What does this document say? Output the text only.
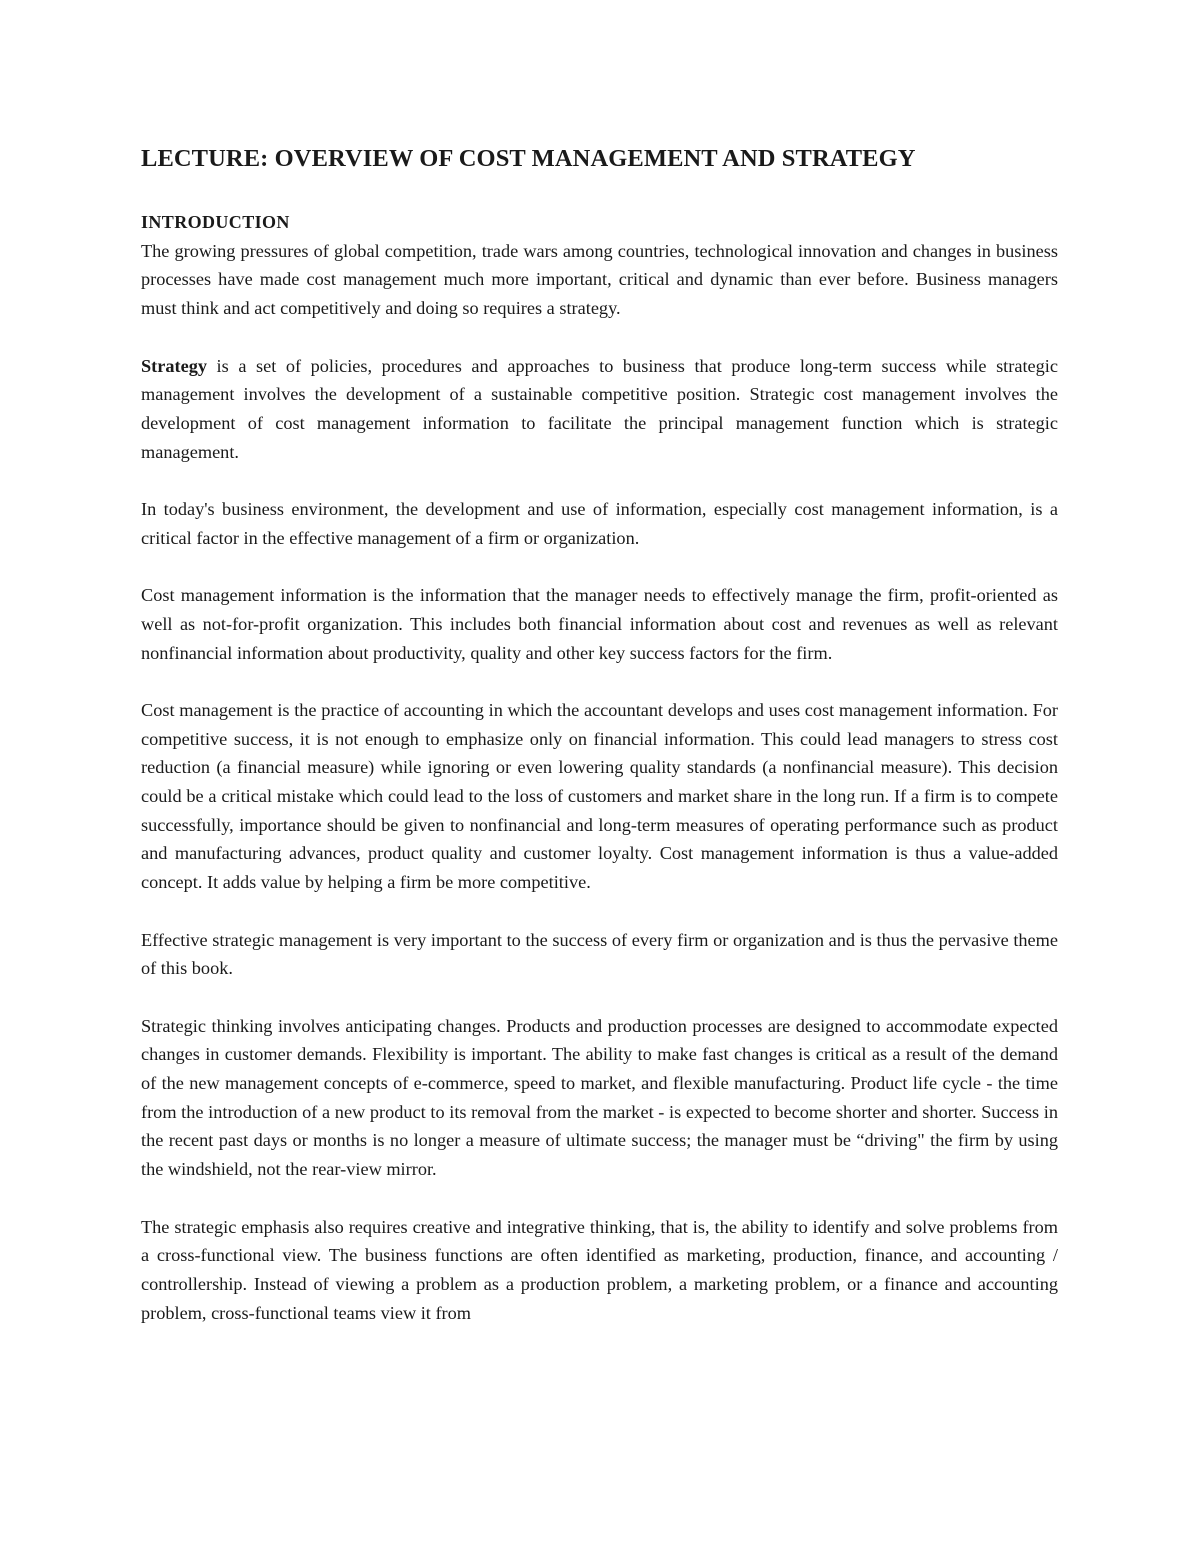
LECTURE: OVERVIEW OF COST MANAGEMENT AND STRATEGY
INTRODUCTION

The growing pressures of global competition, trade wars among countries, technological innovation and changes in business processes have made cost management much more important, critical and dynamic than ever before. Business managers must think and act competitively and doing so requires a strategy.

Strategy is a set of policies, procedures and approaches to business that produce long-term success while strategic management involves the development of a sustainable competitive position. Strategic cost management involves the development of cost management information to facilitate the principal management function which is strategic management.

In today's business environment, the development and use of information, especially cost management information, is a critical factor in the effective management of a firm or organization.

Cost management information is the information that the manager needs to effectively manage the firm, profit-oriented as well as not-for-profit organization. This includes both financial information about cost and revenues as well as relevant nonfinancial information about productivity, quality and other key success factors for the firm.

Cost management is the practice of accounting in which the accountant develops and uses cost management information. For competitive success, it is not enough to emphasize only on financial information. This could lead managers to stress cost reduction (a financial measure) while ignoring or even lowering quality standards (a nonfinancial measure). This decision could be a critical mistake which could lead to the loss of customers and market share in the long run. If a firm is to compete successfully, importance should be given to nonfinancial and long-term measures of operating performance such as product and manufacturing advances, product quality and customer loyalty. Cost management information is thus a value-added concept. It adds value by helping a firm be more competitive.

Effective strategic management is very important to the success of every firm or organization and is thus the pervasive theme of this book.

Strategic thinking involves anticipating changes. Products and production processes are designed to accommodate expected changes in customer demands. Flexibility is important. The ability to make fast changes is critical as a result of the demand of the new management concepts of e-commerce, speed to market, and flexible manufacturing. Product life cycle - the time from the introduction of a new product to its removal from the market - is expected to become shorter and shorter. Success in the recent past days or months is no longer a measure of ultimate success; the manager must be “driving" the firm by using the windshield, not the rear-view mirror.

The strategic emphasis also requires creative and integrative thinking, that is, the ability to identify and solve problems from a cross-functional view. The business functions are often identified as marketing, production, finance, and accounting / controllership. Instead of viewing a problem as a production problem, a marketing problem, or a finance and accounting problem, cross-functional teams view it from
